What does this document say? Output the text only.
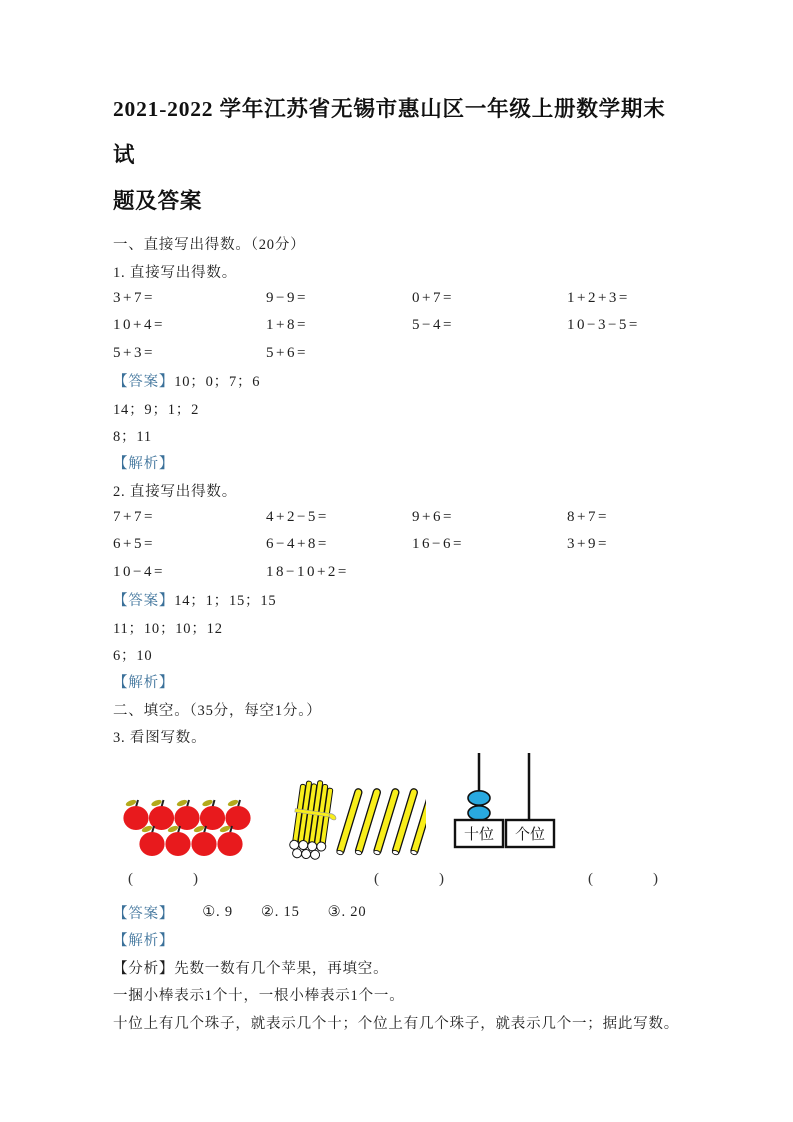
2021-2022 学年江苏省无锡市惠山区一年级上册数学期末试
题及答案
一、直接写出得数。（20分）
1. 直接写出得数。
3+7=	9−9=	0+7=	1+2+3=
10+4=	1+8=	5−4=	10−3−5=
5+3=	5+6=
【答案】 10；0；7；6
14；9；1；2
8；11
【解析】
2. 直接写出得数。
7+7=	4+2−5=	9+6=	8+7=
6+5=	6−4+8=	16−6=	3+9=
10−4=	18−10+2=
【答案】 14；1；15；15
11；10；10；12
6；10
【解析】
二、填空。（35分，每空1分。）
3. 看图写数。
十位 个位
(	)	(	)	(	)
【答案】 ①. 9 ②. 15 ③. 20
【解析】
【分析】先数一数有几个苹果，再填空。
一捆小棒表示1个十，一根小棒表示1个一。
十位上有几个珠子，就表示几个十；个位上有几个珠子，就表示几个一；据此写数。
